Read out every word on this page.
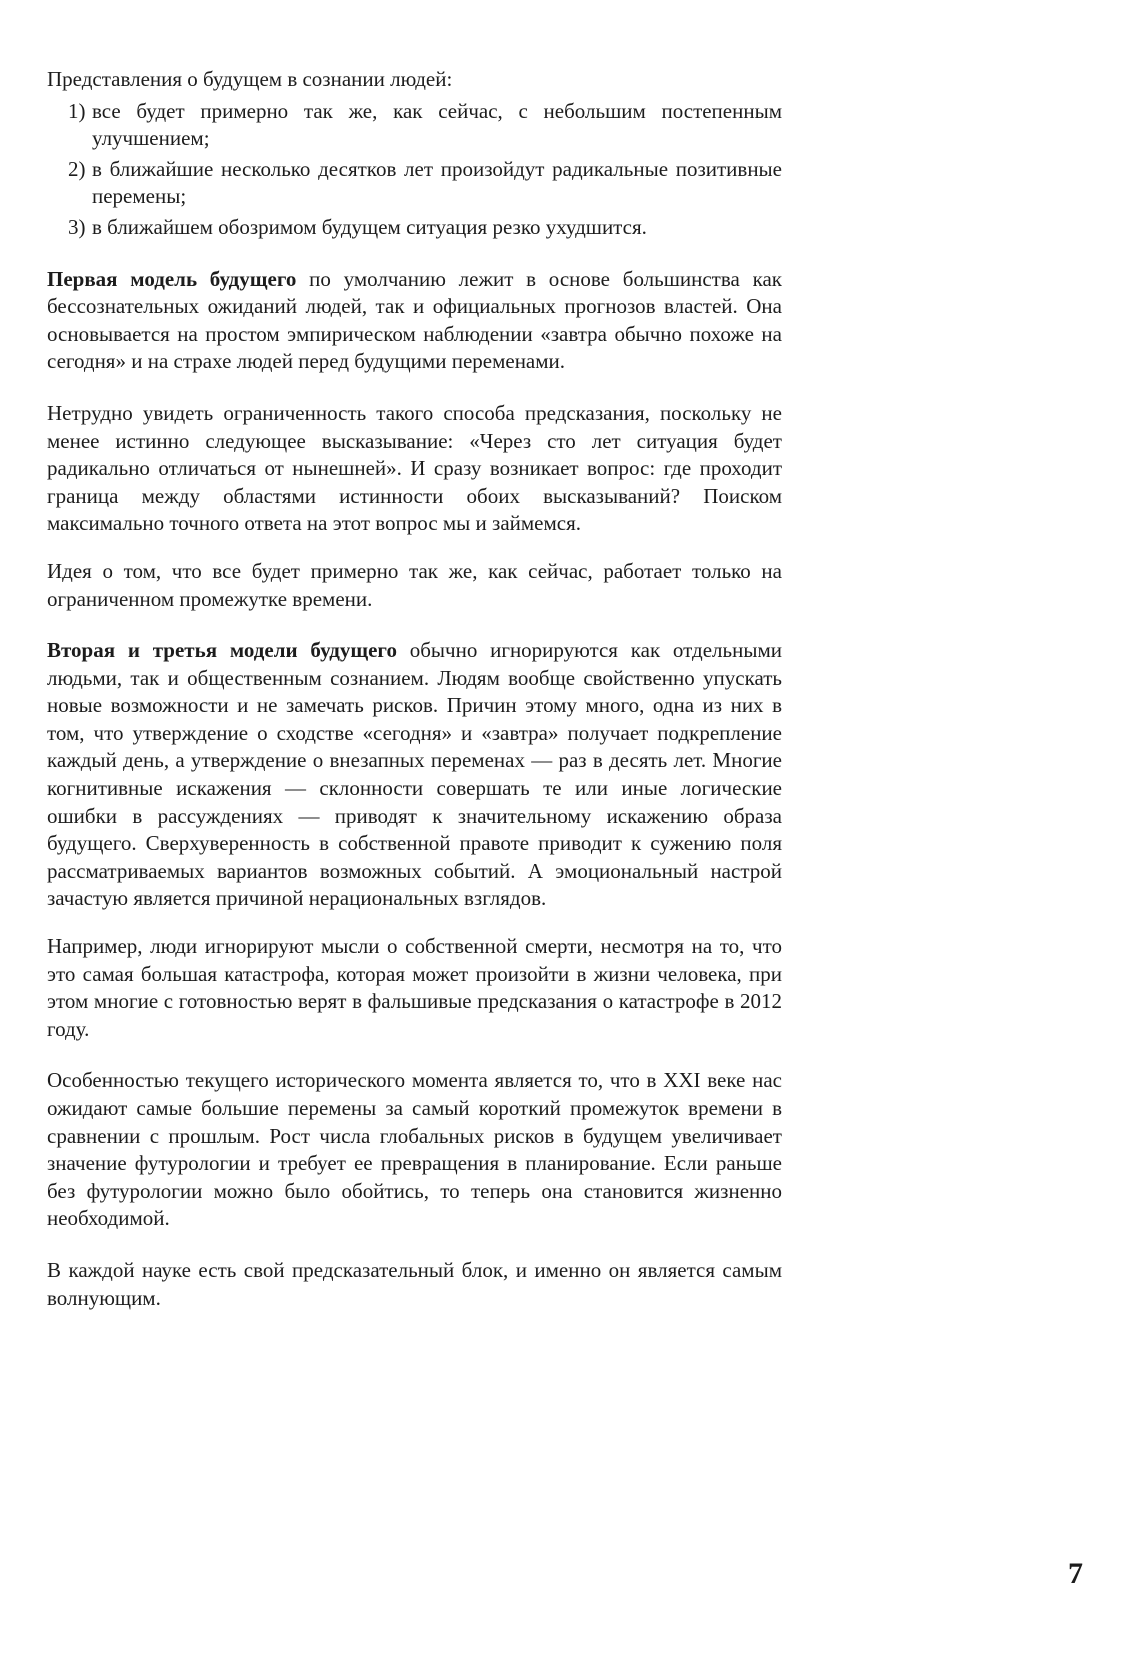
Представления о будущем в сознании людей:

1) все будет примерно так же, как сейчас, с небольшим постепенным улучшением;
2) в ближайшие несколько десятков лет произойдут радикальные позитивные перемены;
3) в ближайшем обозримом будущем ситуация резко ухудшится.

Первая модель будущего по умолчанию лежит в основе большинства как бессознательных ожиданий людей, так и официальных прогнозов властей. Она основывается на простом эмпирическом наблюдении «завтра обычно похоже на сегодня» и на страхе людей перед будущими переменами.

Нетрудно увидеть ограниченность такого способа предсказания, поскольку не менее истинно следующее высказывание: «Через сто лет ситуация будет радикально отличаться от нынешней». И сразу возникает вопрос: где проходит граница между областями истинности обоих высказываний? Поиском максимально точного ответа на этот вопрос мы и займемся.

Идея о том, что все будет примерно так же, как сейчас, работает только на ограниченном промежутке времени.

Вторая и третья модели будущего обычно игнорируются как отдельными людьми, так и общественным сознанием. Людям вообще свойственно упускать новые возможности и не замечать рисков. Причин этому много, одна из них в том, что утверждение о сходстве «сегодня» и «завтра» получает подкрепление каждый день, а утверждение о внезапных переменах — раз в десять лет. Многие когнитивные искажения — склонности совершать те или иные логические ошибки в рассуждениях — приводят к значительному искажению образа будущего. Сверхуверенность в собственной правоте приводит к сужению поля рассматриваемых вариантов возможных событий. А эмоциональный настрой зачастую является причиной нерациональных взглядов.

Например, люди игнорируют мысли о собственной смерти, несмотря на то, что это самая большая катастрофа, которая может произойти в жизни человека, при этом многие с готовностью верят в фальшивые предсказания о катастрофе в 2012 году.

Особенностью текущего исторического момента является то, что в XXI веке нас ожидают самые большие перемены за самый короткий промежуток времени в сравнении с прошлым. Рост числа глобальных рисков в будущем увеличивает значение футурологии и требует ее превращения в планирование. Если раньше без футурологии можно было обойтись, то теперь она становится жизненно необходимой.

В каждой науке есть свой предсказательный блок, и именно он является самым волнующим.

7
